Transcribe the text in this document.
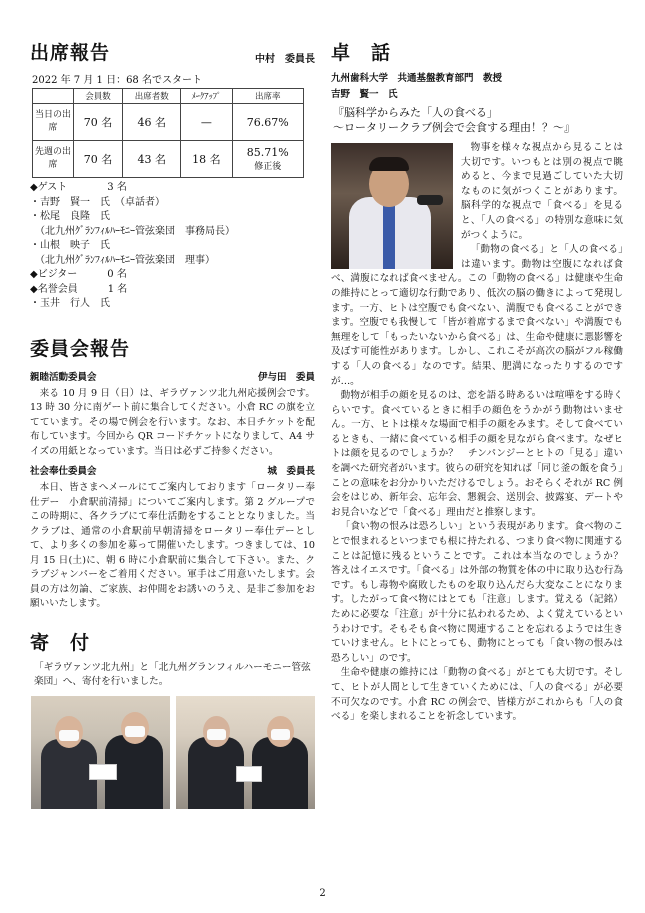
出席報告	中村　委員長
2022 年 7 月 1 日：68 名でスタート
	会員数	出席者数	ﾒｰｸｱｯﾌﾟ	出席率
当日の出席	70 名	46 名	—	76.67%
先週の出席	70 名	43 名	18 名	85.71%
修正後
◆ゲスト　　　　3 名
・吉野　賢一　氏　（卓話者）
・松尾　良隆　氏
　（北九州ｸﾞﾗﾝﾌｨﾙﾊｰﾓﾆｰ管弦楽団　事務局長）
・山根　映子　氏
　（北九州ｸﾞﾗﾝﾌｨﾙﾊｰﾓﾆｰ管弦楽団　理事）
◆ビジター　　　0 名
◆名誉会員　　　1 名
・玉井　行人　氏
委員会報告
親睦活動委員会	伊与田　委員

来る 10 月 9 日（日）は、ギラヴァンツ北九州応援例会です。13 時 30 分に南ゲート前に集合してください。小倉 RC の旗を立てています。その場で例会を行います。なお、本日チケットを配布しています。今回から QR コードチケットになりまして、A4 サイズの用紙となっています。当日は必ずご持参ください。

社会奉仕委員会	城　委員長

本日、皆さまへメールにてご案内しております「ロータリー奉仕デー　小倉駅前清掃」についてご案内します。第 2 グループでこの時期に、各クラブにて奉仕活動をすることとなりました。当クラブは、通常の小倉駅前早朝清掃をロータリー奉仕デーとして、より多くの参加を募って開催いたします。つきましては、10 月 15 日(土)に、朝 6 時に小倉駅前に集合して下さい。また、クラブジャンパーをご着用ください。軍手はご用意いたします。会員の方は勿論、ご家族、お仲間をお誘いのうえ、是非ご参加をお願いいたします。

寄　付
「ギラヴァンツ北九州」と「北九州グランフィルハーモニー管弦楽団」へ、寄付を行いました。
卓　話
九州歯科大学　共通基盤教育部門　教授
吉野　賢一　氏
『脳科学からみた「人の食べる」
～ロータリークラブ例会で会食する理由！？～』

物事を様々な視点から見ることは大切です。いつもとは別の視点で眺めると、今まで見過ごしていた大切なものに気がつくことがあります。脳科学的な視点で「食べる」を見ると、「人の食べる」の特別な意味に気がつくように。

「動物の食べる」と「人の食べる」は違います。動物は空腹になれば食べ、満腹になれば食べません。この「動物の食べる」は健康や生命の維持にとって適切な行動であり、低次の脳の働きによって発現します。一方、ヒトは空腹でも食べない、満腹でも食べることができます。空腹でも我慢して「皆が着席するまで食べない」や満腹でも無理をして「もったいないから食べる」は、生命や健康に悪影響を及ぼす可能性があります。しかし、これこそが高次の脳がフル稼働する「人の食べる」なのです。結果、肥満になったりするのですが…。

動物が相手の顔を見るのは、恋を語る時あるいは喧嘩をする時くらいです。食べているときに相手の顔色をうかがう動物はいません。一方、ヒトは様々な場面で相手の顔をみます。そして食べているときも、一緒に食べている相手の顔を見ながら食べます。なぜヒトは顔を見るのでしょうか？　チンパンジーとヒトの「見る」違いを調べた研究者がいます。彼らの研究を知れば「同じ釜の飯を食う」ことの意味をお分かりいただけるでしょう。おそらくそれが RC 例会をはじめ、新年会、忘年会、懇親会、送別会、披露宴、デートやお見合いなどで「食べる」理由だと推察します。

「食い物の恨みは恐ろしい」という表現があります。食べ物のことで恨まれるといつまでも根に持たれる、つまり食べ物に関連することは記憶に残るということです。これは本当なのでしょうか？　答えはイエスです。「食べる」は外部の物質を体の中に取り込む行為です。もし毒物や腐敗したものを取り込んだら大変なことになります。したがって食べ物にはとても「注意」します。覚える（記銘）ために必要な「注意」が十分に払われるため、よく覚えているというわけです。そもそも食べ物に関連することを忘れるようでは生きていけません。ヒトにとっても、動物にとっても「食い物の恨みは恐ろしい」のです。

生命や健康の維持には「動物の食べる」がとても大切です。そして、ヒトが人間として生きていくためには、「人の食べる」が必要不可欠なのです。小倉 RC の例会で、皆様方がこれからも「人の食べる」を楽しまれることを祈念しています。

2
